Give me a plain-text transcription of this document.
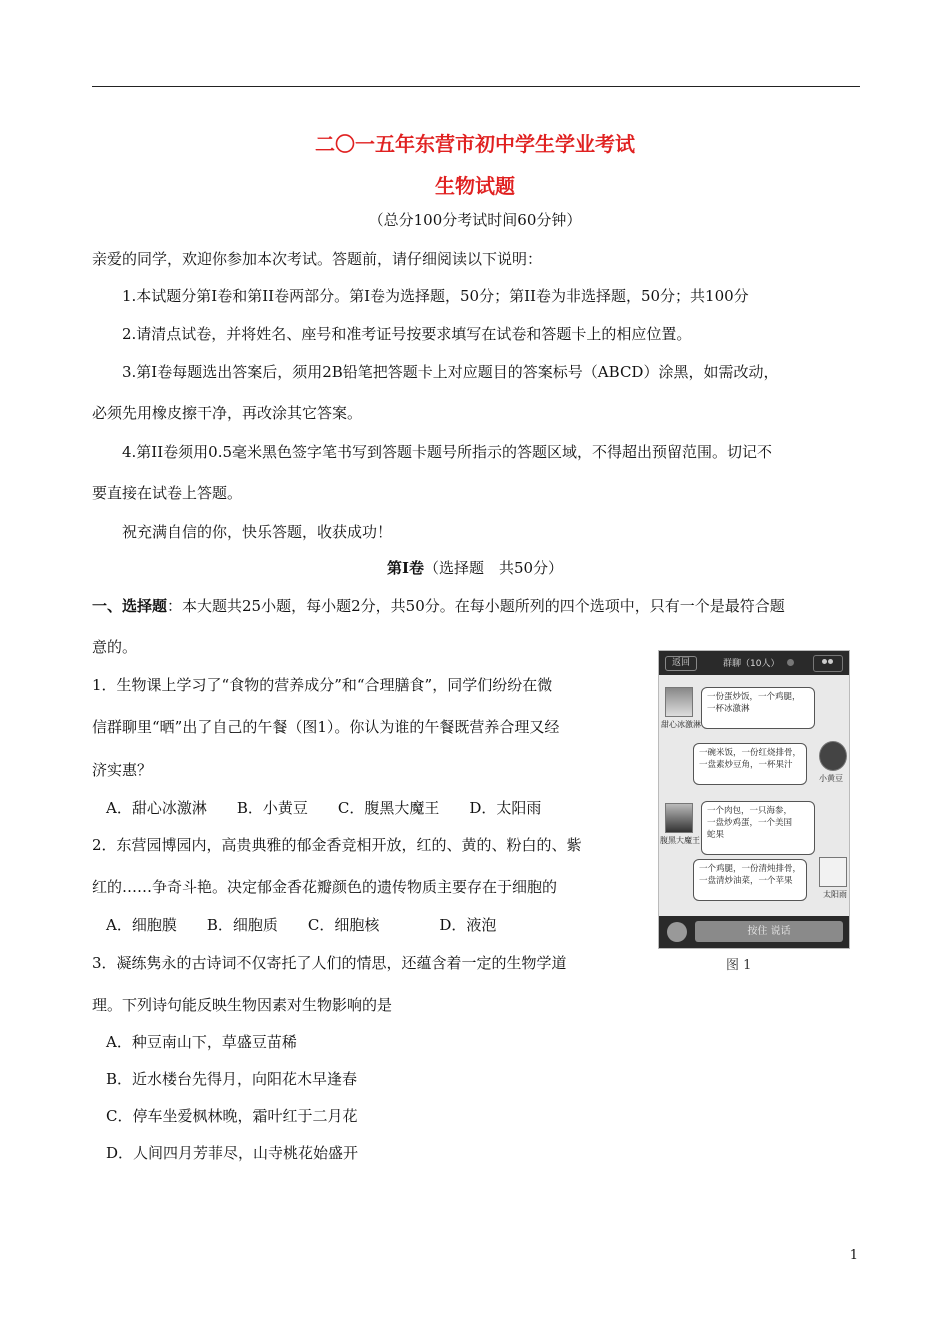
二〇一五年东营市初中学生学业考试
生物试题
（总分100分考试时间60分钟）
亲爱的同学，欢迎你参加本次考试。答题前，请仔细阅读以下说明：
1.本试题分第Ⅰ卷和第II卷两部分。第Ⅰ卷为选择题，50分；第II卷为非选择题，50分；共100分
2.请清点试卷，并将姓名、座号和准考证号按要求填写在试卷和答题卡上的相应位置。
3.第Ⅰ卷每题选出答案后，须用2B铅笔把答题卡上对应题目的答案标号（ABCD）涂黑，如需改动，
必须先用橡皮擦干净，再改涂其它答案。
4.第II卷须用0.5毫米黑色签字笔书写到答题卡题号所指示的答题区域，不得超出预留范围。切记不
要直接在试卷上答题。
祝充满自信的你，快乐答题，收获成功！
第Ⅰ卷（选择题　共50分）
一、选择题：本大题共25小题，每小题2分，共50分。在每小题所列的四个选项中，只有一个是最符合题
意的。
1．生物课上学习了“食物的营养成分”和“合理膳食”，同学们纷纷在微
信群聊里“晒”出了自己的午餐（图1）。你认为谁的午餐既营养合理又经
济实惠？
A．甜心冰激淋　　B．小黄豆　　C．腹黑大魔王　　D．太阳雨
2．东营园博园内，高贵典雅的郁金香竞相开放，红的、黄的、粉白的、紫
红的……争奇斗艳。决定郁金香花瓣颜色的遗传物质主要存在于细胞的
A．细胞膜　　B．细胞质　　C．细胞核　　　　D．液泡
3．凝练隽永的古诗词不仅寄托了人们的情思，还蕴含着一定的生物学道
理。下列诗句能反映生物因素对生物影响的是
A．种豆南山下，草盛豆苗稀
B．近水楼台先得月，向阳花木早逢春
C．停车坐爱枫林晚，霜叶红于二月花
D．人间四月芳菲尽，山寺桃花始盛开
返回	群聊（10人）
甜心冰激淋
一份蛋炒饭，一个鸡腿，
一杯冰激淋
一碗米饭，一份红烧排骨，
一盘素炒豆角，一杯果汁
小黄豆
腹黑大魔王
一个肉包，一只海参，
一盘炒鸡蛋，一个美国
蛇果
一个鸡腿，一份清炖排骨，
一盘清炒油菜，一个苹果
太阳雨
按住 说话
图 1
1
